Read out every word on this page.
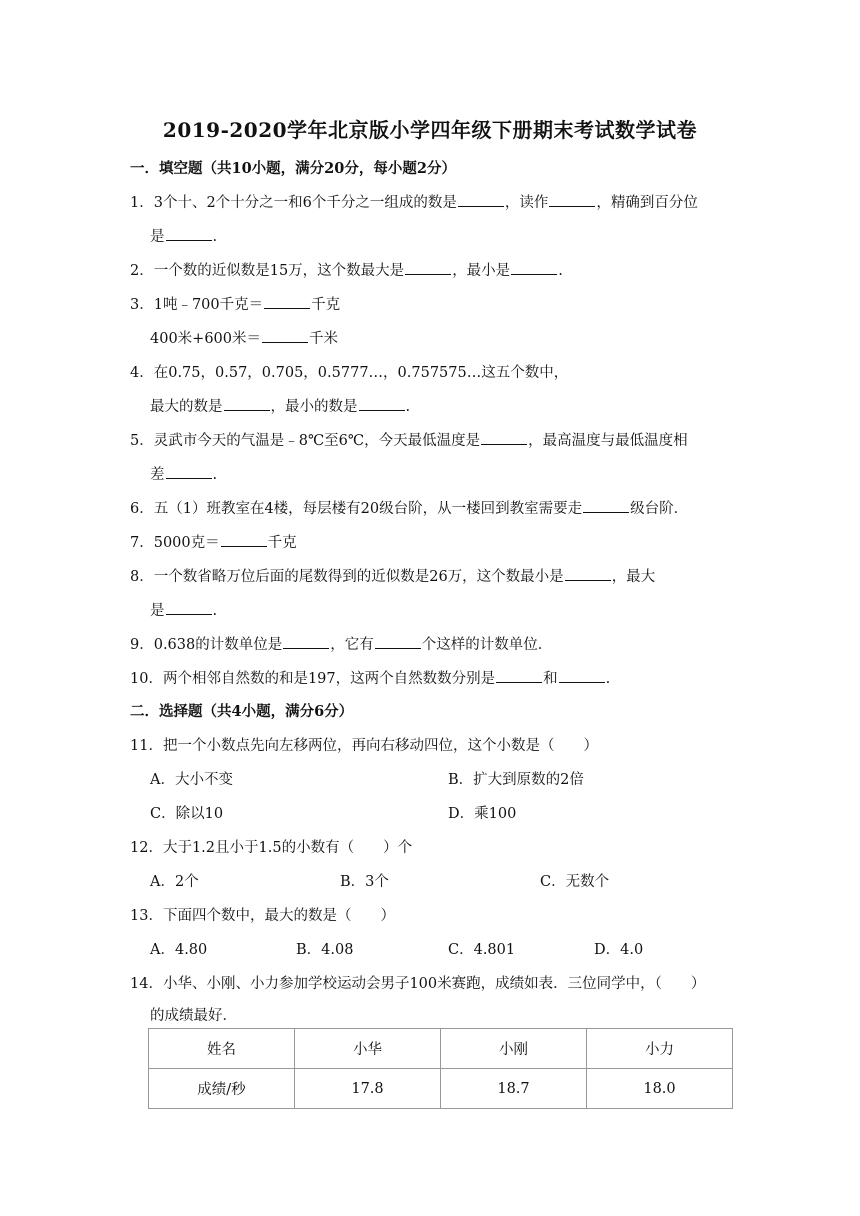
2019-2020学年北京版小学四年级下册期末考试数学试卷
一．填空题（共10小题，满分20分，每小题2分）
1．3个十、2个十分之一和6个千分之一组成的数是	，读作	，精确到百分位
是	.
2．一个数的近似数是15万，这个数最大是	，最小是	.
3．1吨﹣700千克＝	千克
400米+600米＝	千米
4．在0.75，0.57，0.705，0.5777…，0.757575…这五个数中，
最大的数是	，最小的数是	.
5．灵武市今天的气温是﹣8℃至6℃，今天最低温度是	，最高温度与最低温度相
差	.
6．五（1）班教室在4楼，每层楼有20级台阶，从一楼回到教室需要走	级台阶．
7．5000克＝	千克
8．一个数省略万位后面的尾数得到的近似数是26万，这个数最小是	，最大
是	.
9．0.638的计数单位是	，它有	个这样的计数单位．
10．两个相邻自然数的和是197，这两个自然数数分别是	和	.
二．选择题（共4小题，满分6分）
11．把一个小数点先向左移两位，再向右移动四位，这个小数是（　　）
A．大小不变	B．扩大到原数的2倍
C．除以10	D．乘100
12．大于1.2且小于1.5的小数有（　　）个
A．2个	B．3个	C．无数个
13．下面四个数中，最大的数是（　　）
A．4.80	B．4.08	C．4.801	D．4.0
14．小华、小刚、小力参加学校运动会男子100米赛跑，成绩如表．三位同学中，（　　）
的成绩最好．
姓名	小华	小刚	小力
成绩/秒	17.8	18.7	18.0
